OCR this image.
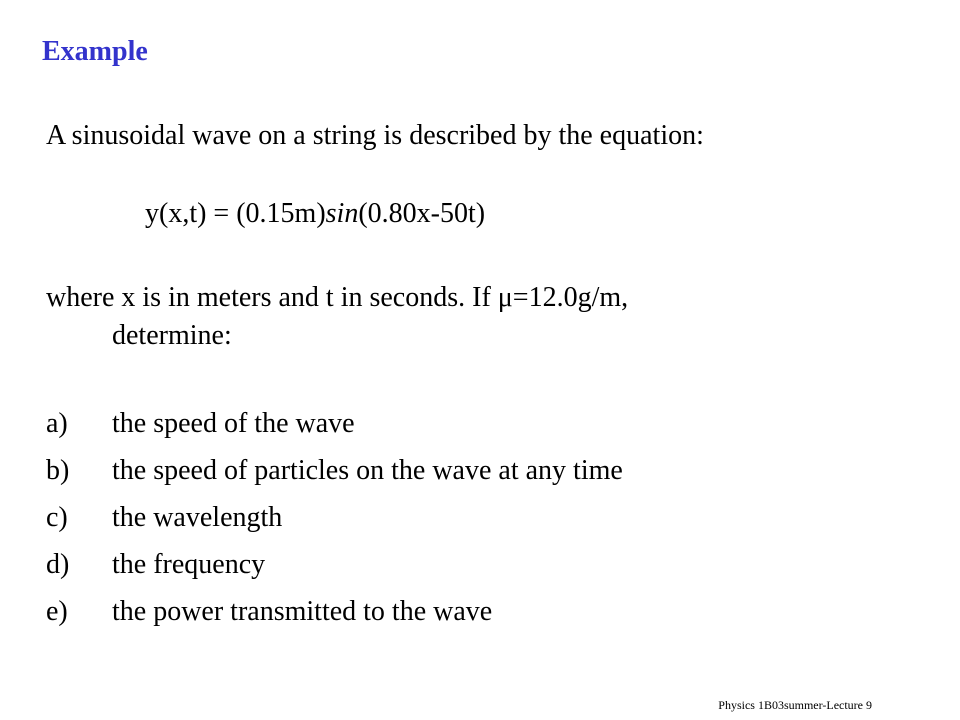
Example
A sinusoidal wave on a string is described by the equation:
y(x,t) = (0.15m)sin(0.80x-50t)
where x is in meters and t in seconds. If μ=12.0g/m,
determine:
a) the speed of the wave
b) the speed of particles on the wave at any time
c) the wavelength
d) the frequency
e) the power transmitted to the wave
Physics 1B03summer-Lecture 9
